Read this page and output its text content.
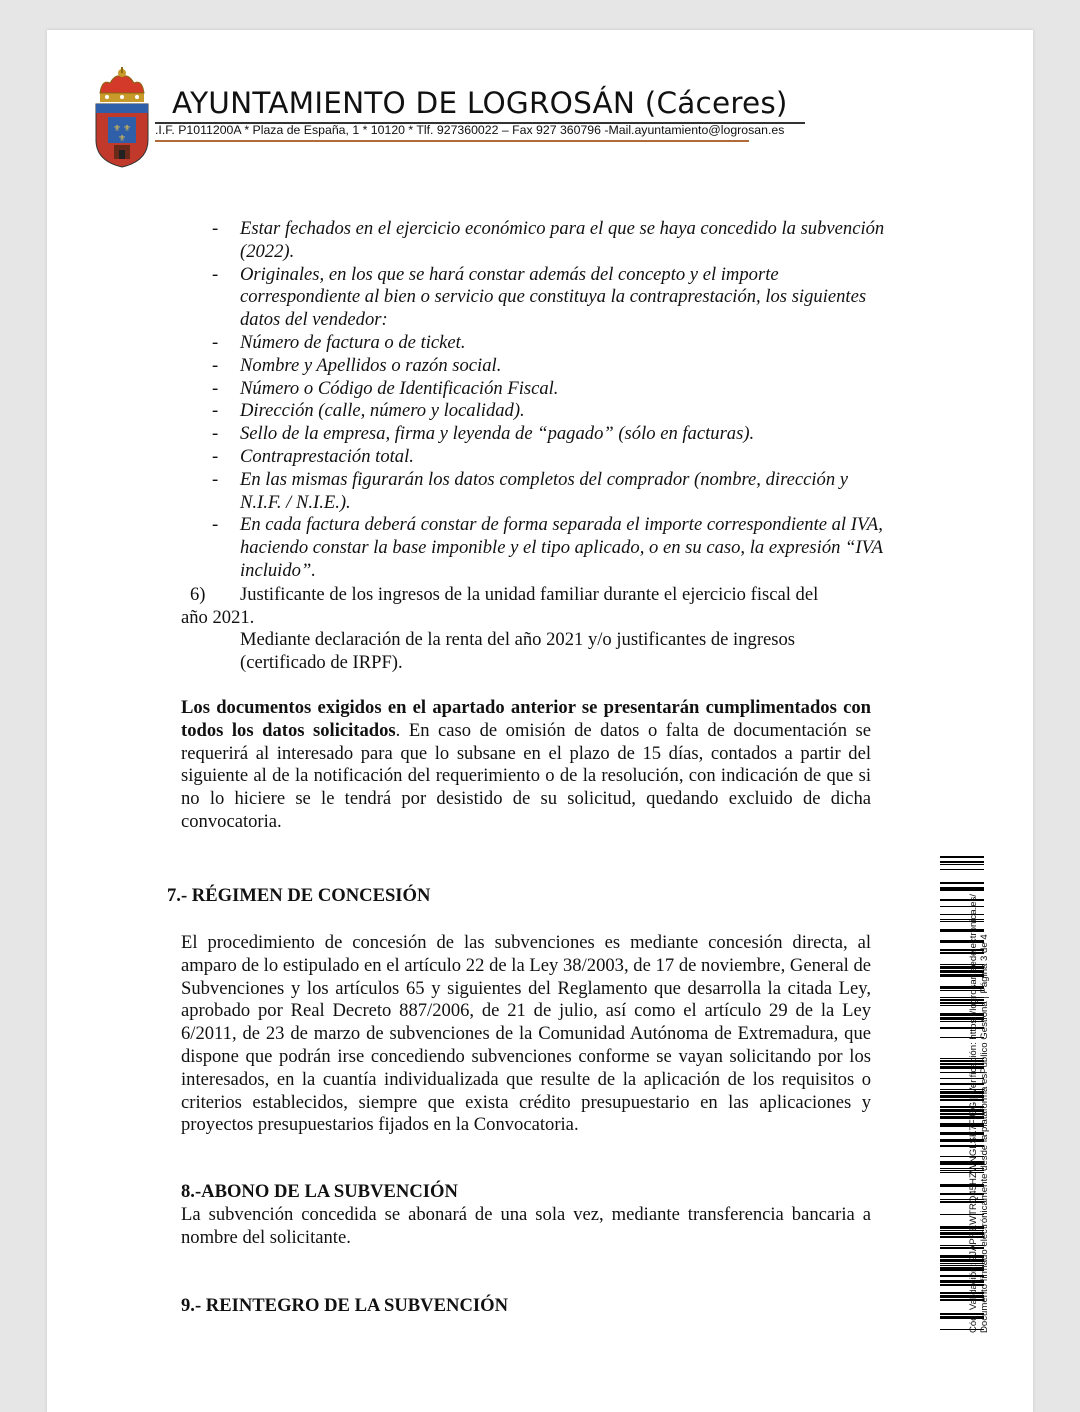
⚜ ⚜
⚜
AYUNTAMIENTO DE LOGROSÁN (Cáceres)
.I.F. P1011200A * Plaza de España, 1 * 10120 * Tlf. 927360022 – Fax 927 360796 -Mail.ayuntamiento@logrosan.es
- Estar fechados en el ejercicio económico para el que se haya concedido la subvención (2022).
- Originales, en los que se hará constar además del concepto y el importe correspondiente al bien o servicio que constituya la contraprestación, los siguientes datos del vendedor:
- Número de factura o de ticket.
- Nombre y Apellidos o razón social.
- Número o Código de Identificación Fiscal.
- Dirección (calle, número y localidad).
- Sello de la empresa, firma y leyenda de “pagado” (sólo en facturas).
- Contraprestación total.
- En las mismas figurarán los datos completos del comprador (nombre, dirección y N.I.F. / N.I.E.).
- En cada factura deberá constar de forma separada el importe correspondiente al IVA, haciendo constar la base imponible y el tipo aplicado, o en su caso, la expresión “IVA incluido”.
6)	Justificante de los ingresos de la unidad familiar durante el ejercicio fiscal del
año 2021.
Mediante declaración de la renta del año 2021 y/o justificantes de ingresos (certificado de IRPF).
Los documentos exigidos en el apartado anterior se presentarán cumplimentados con todos los datos solicitados. En caso de omisión de datos o falta de documentación se requerirá al interesado para que lo subsane en el plazo de 15 días, contados a partir del siguiente al de la notificación del requerimiento o de la resolución, con indicación de que si no lo hiciere se le tendrá por desistido de su solicitud, quedando excluido de dicha convocatoria.
7.- RÉGIMEN DE CONCESIÓN
El procedimiento de concesión de las subvenciones es mediante concesión directa, al amparo de lo estipulado en el artículo 22 de la Ley 38/2003, de 17 de noviembre, General de Subvenciones y los artículos 65 y siguientes del Reglamento que desarrolla la citada Ley, aprobado por Real Decreto 887/2006, de 21 de julio, así como el artículo 29 de la Ley 6/2011, de 23 de marzo de subvenciones de la Comunidad Autónoma de Extremadura, que dispone que podrán irse concediendo subvenciones conforme se vayan solicitando por los interesados, en la cuantía individualizada que resulte de la aplicación de los requisitos o criterios establecidos, siempre que exista crédito presupuestario en las aplicaciones y proyectos presupuestarios fijados en la Convocatoria.
8.-ABONO DE LA SUBVENCIÓN
La subvención concedida se abonará de una sola vez, mediante transferencia bancaria a nombre del solicitante.
9.- REINTEGRO DE LA SUBVENCIÓN	Cód. Validación: 9JAPREWTRQ45HZWNGLSK7FJ3G | Verificación: https://logrosan.sedelectronica.es/ Documento firmado electrónicamente desde la plataforma esPublico Gestiona | Página 3 de 4
